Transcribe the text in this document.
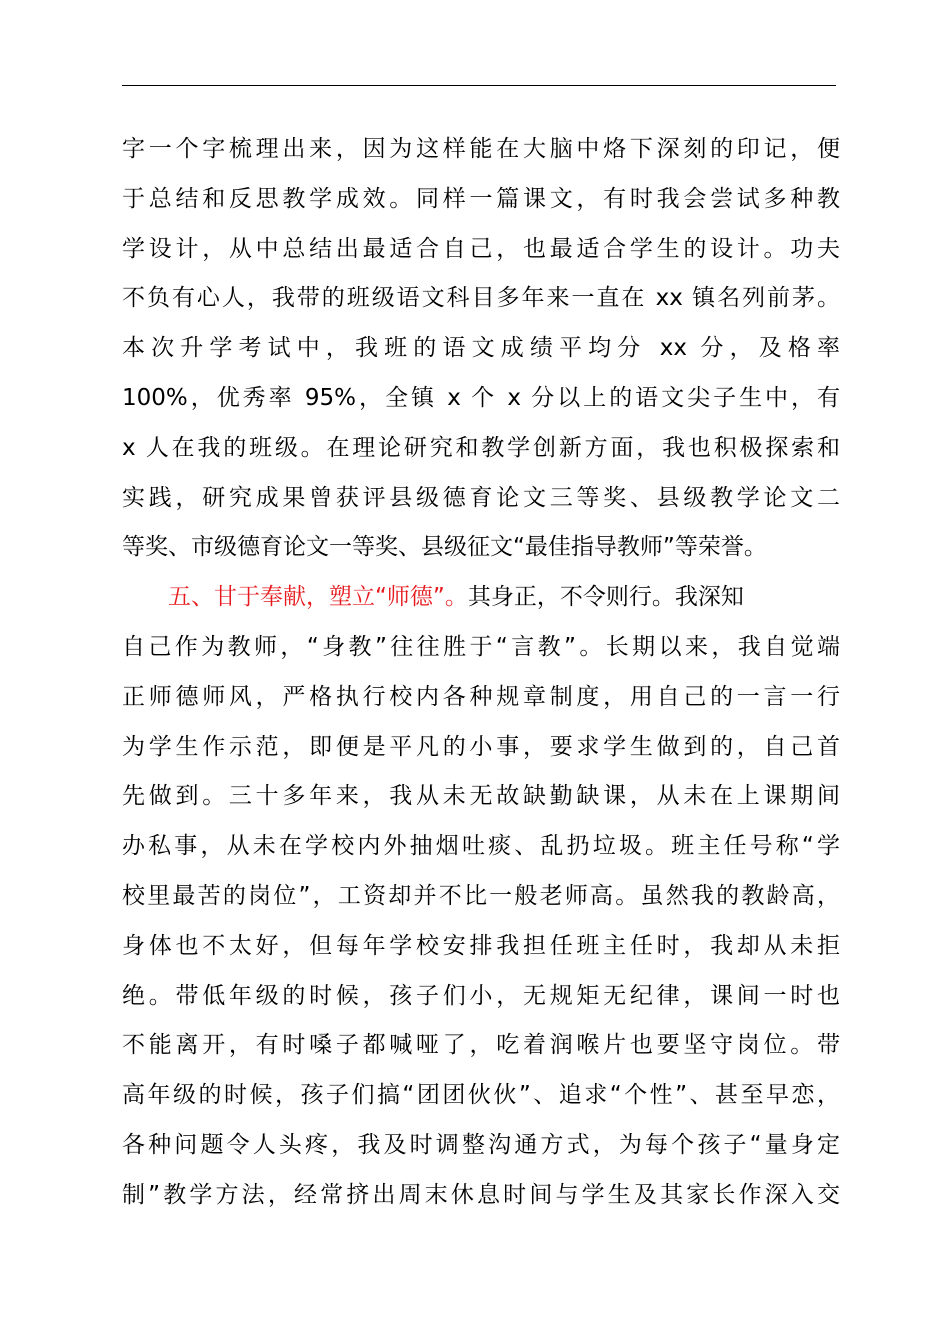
字一个字梳理出来，因为这样能在大脑中烙下深刻的印记，便
于总结和反思教学成效。同样一篇课文，有时我会尝试多种教
学设计，从中总结出最适合自己，也最适合学生的设计。功夫
不负有心人，我带的班级语文科目多年来一直在 xx 镇名列前茅。
本次升学考试中，我班的语文成绩平均分 xx 分，及格率
100%，优秀率 95%，全镇 x 个 x 分以上的语文尖子生中，有
x 人在我的班级。在理论研究和教学创新方面，我也积极探索和
实践，研究成果曾获评县级德育论文三等奖、县级教学论文二
等奖、市级德育论文一等奖、县级征文“最佳指导教师”等荣誉。
五、甘于奉献，塑立“师德”。其身正，不令则行。我深知
自己作为教师，“身教”往往胜于“言教”。长期以来，我自觉端
正师德师风，严格执行校内各种规章制度，用自己的一言一行
为学生作示范，即便是平凡的小事，要求学生做到的，自己首
先做到。三十多年来，我从未无故缺勤缺课，从未在上课期间
办私事，从未在学校内外抽烟吐痰、乱扔垃圾。班主任号称“学
校里最苦的岗位”，工资却并不比一般老师高。虽然我的教龄高，
身体也不太好，但每年学校安排我担任班主任时，我却从未拒
绝。带低年级的时候，孩子们小，无规矩无纪律，课间一时也
不能离开，有时嗓子都喊哑了，吃着润喉片也要坚守岗位。带
高年级的时候，孩子们搞“团团伙伙”、追求“个性”、甚至早恋，
各种问题令人头疼，我及时调整沟通方式，为每个孩子“量身定
制”教学方法，经常挤出周末休息时间与学生及其家长作深入交
